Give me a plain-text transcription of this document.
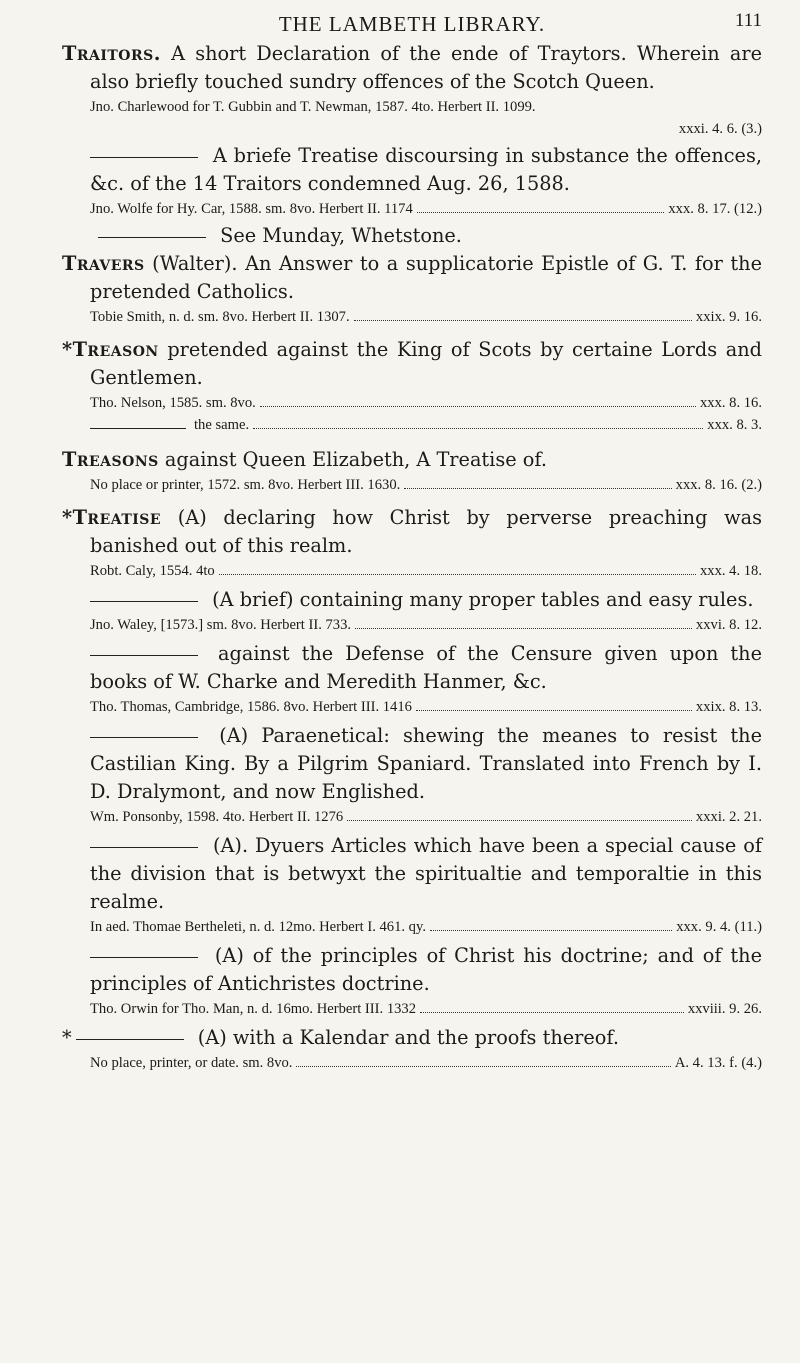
THE LAMBETH LIBRARY.	111

Traitors. A short Declaration of the ende of Traytors. Wherein are also briefly touched sundry offences of the Scotch Queen.

Jno. Charlewood for T. Gubbin and T. Newman, 1587. 4to. Herbert II. 1099.
xxxi. 4. 6. (3.)

A briefe Treatise discoursing in substance the offences, &c. of the 14 Traitors condemned Aug. 26, 1588.

Jno. Wolfe for Hy. Car, 1588. sm. 8vo. Herbert II. 1174	xxx. 8. 17. (12.)

See Munday, Whetstone.

Travers (Walter). An Answer to a supplicatorie Epistle of G. T. for the pretended Catholics.

Tobie Smith, n. d. sm. 8vo. Herbert II. 1307.	xxix. 9. 16.

*Treason pretended against the King of Scots by certaine Lords and Gentlemen.

Tho. Nelson, 1585. sm. 8vo.	xxx. 8. 16.
the same.	xxx. 8. 3.

Treasons against Queen Elizabeth, A Treatise of.

No place or printer, 1572. sm. 8vo. Herbert III. 1630.	xxx. 8. 16. (2.)

*Treatise (A) declaring how Christ by perverse preaching was banished out of this realm.

Robt. Caly, 1554. 4to	xxx. 4. 18.

(A brief) containing many proper tables and easy rules.

Jno. Waley, [1573.] sm. 8vo. Herbert II. 733.	xxvi. 8. 12.

against the Defense of the Censure given upon the books of W. Charke and Meredith Hanmer, &c.

Tho. Thomas, Cambridge, 1586. 8vo. Herbert III. 1416	xxix. 8. 13.

(A) Paraenetical: shewing the meanes to resist the Castilian King. By a Pilgrim Spaniard. Translated into French by I. D. Dralymont, and now Englished.

Wm. Ponsonby, 1598. 4to. Herbert II. 1276	xxxi. 2. 21.

(A). Dyuers Articles which have been a special cause of the division that is betwyxt the spiritualtie and temporaltie in this realme.

In aed. Thomae Bertheleti, n. d. 12mo. Herbert I. 461. qy.	xxx. 9. 4. (11.)

(A) of the principles of Christ his doctrine; and of the principles of Antichristes doctrine.

Tho. Orwin for Tho. Man, n. d. 16mo. Herbert III. 1332	xxviii. 9. 26.

*	(A) with a Kalendar and the proofs thereof.

No place, printer, or date. sm. 8vo.	A. 4. 13. f. (4.)
